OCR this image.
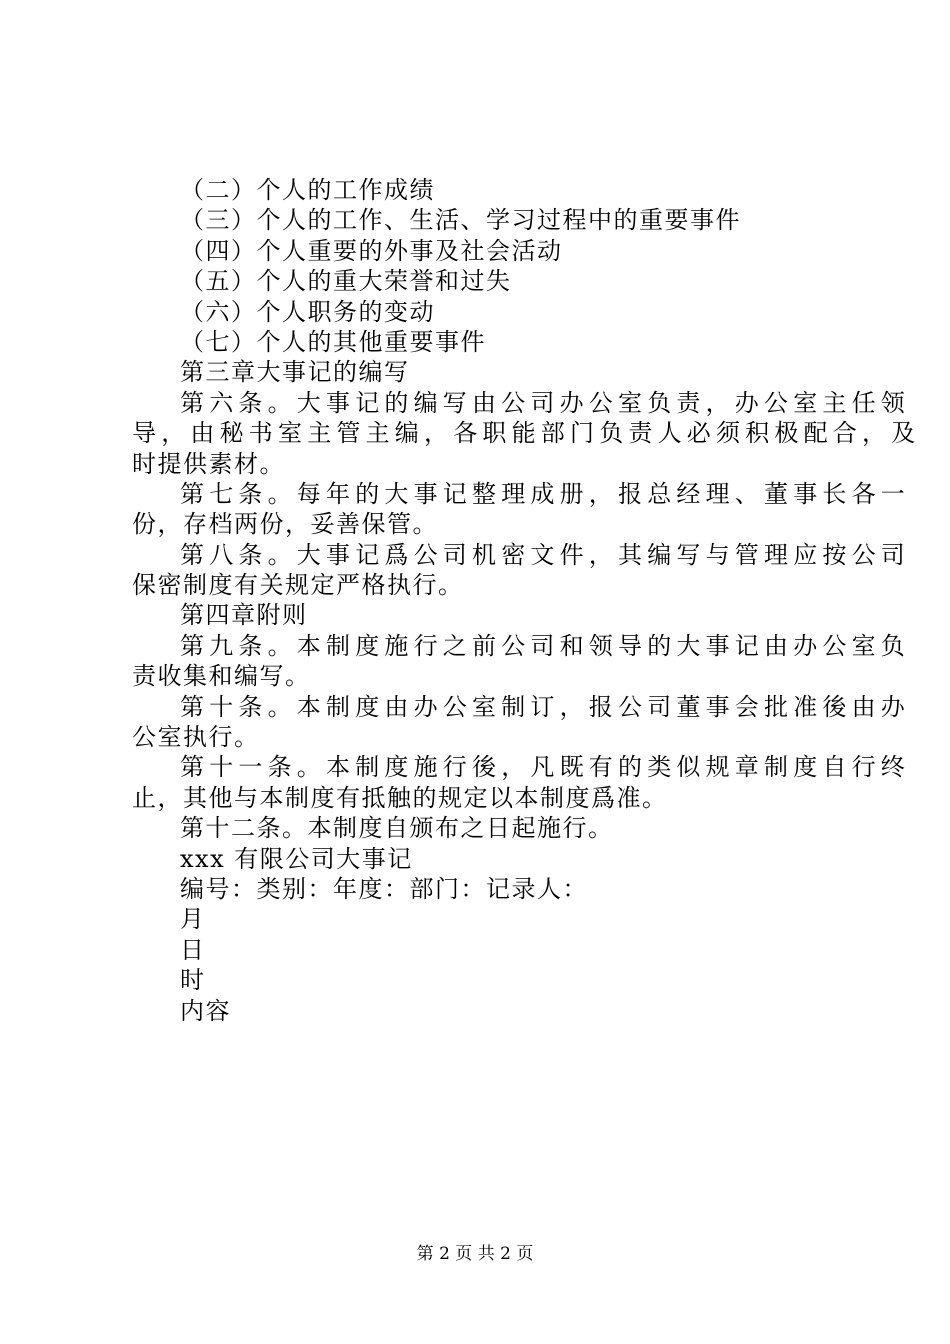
（二）个人的工作成绩
（三）个人的工作、生活、学习过程中的重要事件
（四）个人重要的外事及社会活动
（五）个人的重大荣誉和过失
（六）个人职务的变动
（七）个人的其他重要事件
第三章大事记的编写
第六条。大事记的编写由公司办公室负责，办公室主任领
导，由秘书室主管主编，各职能部门负责人必须积极配合，及
时提供素材。
第七条。每年的大事记整理成册，报总经理、董事长各一
份，存档两份，妥善保管。
第八条。大事记爲公司机密文件，其编写与管理应按公司
保密制度有关规定严格执行。
第四章附则
第九条。本制度施行之前公司和领导的大事记由办公室负
责收集和编写。
第十条。本制度由办公室制订，报公司董事会批准後由办
公室执行。
第十一条。本制度施行後，凡既有的类似规章制度自行终
止，其他与本制度有抵触的规定以本制度爲准。
第十二条。本制度自颁布之日起施行。
xxx 有限公司大事记
编号：类别：年度：部门：记录人：
月
日
时
内容
第 2 页 共 2 页
